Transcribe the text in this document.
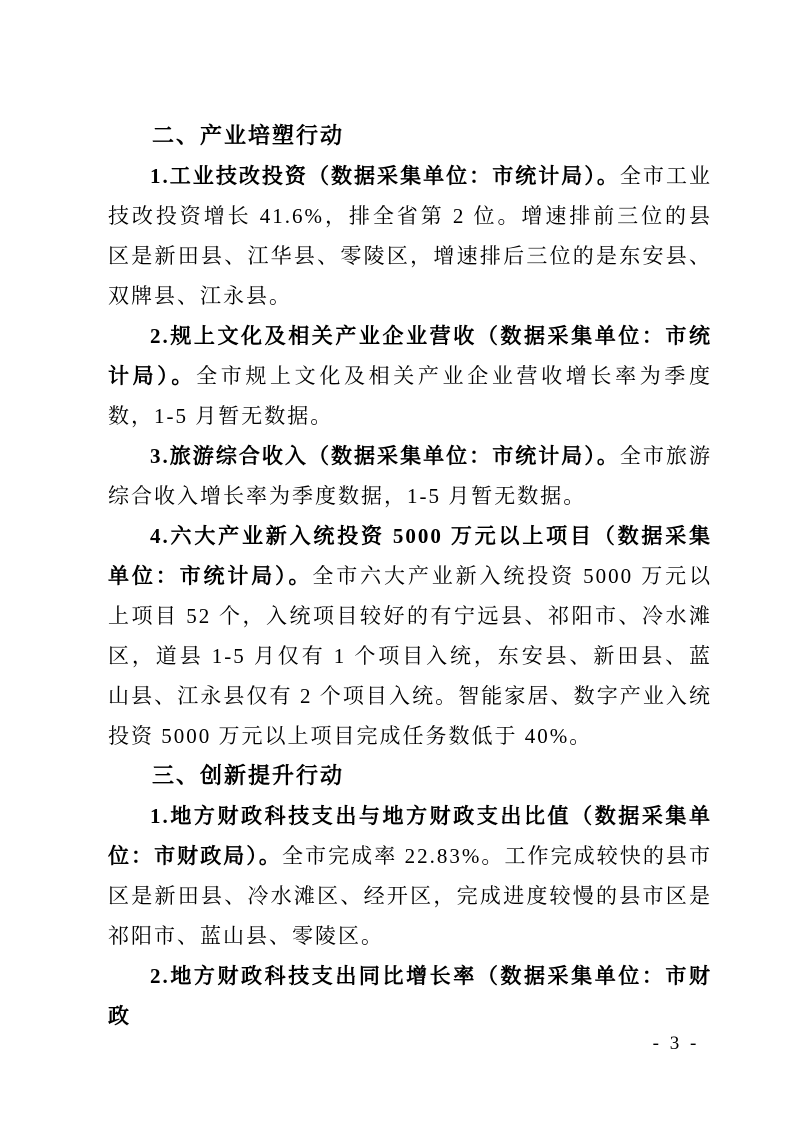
二、产业培塑行动

1.工业技改投资（数据采集单位：市统计局）。全市工业技改投资增长 41.6%，排全省第 2 位。增速排前三位的县区是新田县、江华县、零陵区，增速排后三位的是东安县、双牌县、江永县。

2.规上文化及相关产业企业营收（数据采集单位：市统计局）。全市规上文化及相关产业企业营收增长率为季度数，1-5 月暂无数据。

3.旅游综合收入（数据采集单位：市统计局）。全市旅游综合收入增长率为季度数据，1-5 月暂无数据。

4.六大产业新入统投资 5000 万元以上项目（数据采集单位：市统计局）。全市六大产业新入统投资 5000 万元以上项目 52 个，入统项目较好的有宁远县、祁阳市、冷水滩区，道县 1-5 月仅有 1 个项目入统，东安县、新田县、蓝山县、江永县仅有 2 个项目入统。智能家居、数字产业入统投资 5000 万元以上项目完成任务数低于 40%。

三、创新提升行动

1.地方财政科技支出与地方财政支出比值（数据采集单位：市财政局）。全市完成率 22.83%。工作完成较快的县市区是新田县、冷水滩区、经开区，完成进度较慢的县市区是祁阳市、蓝山县、零陵区。

2.地方财政科技支出同比增长率（数据采集单位：市财政

- 3 -
